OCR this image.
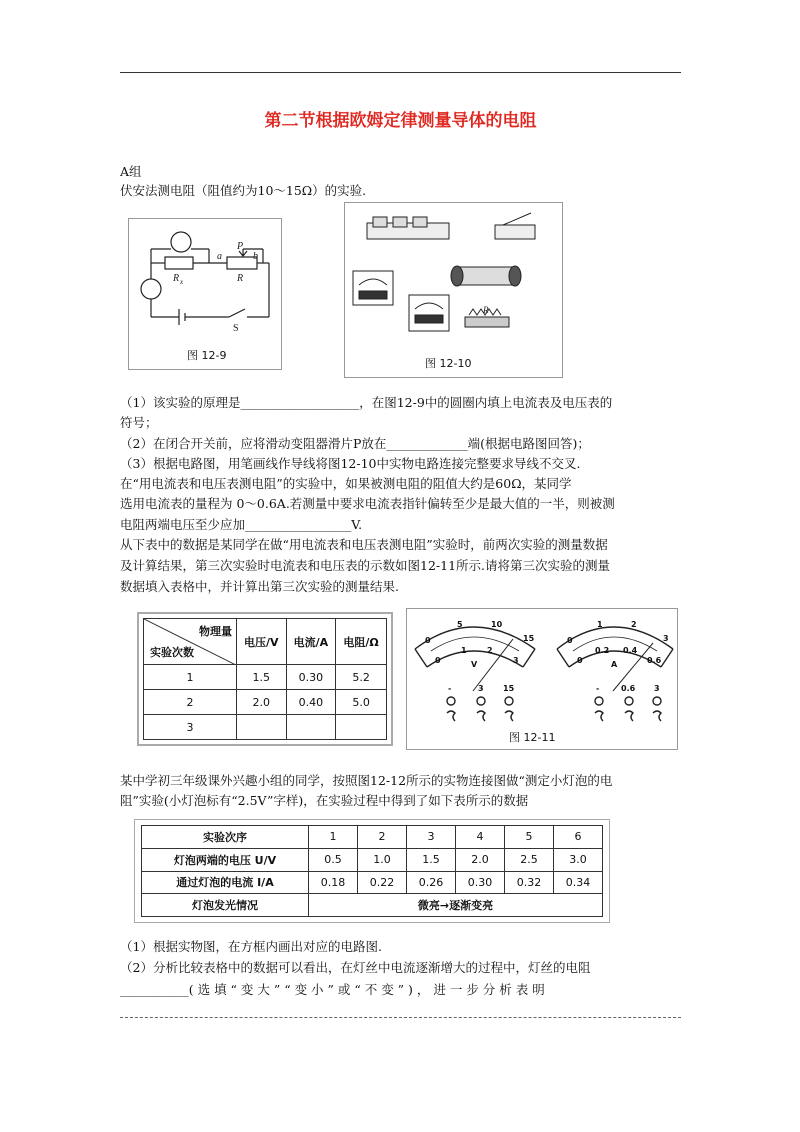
第二节根据欧姆定律测量导体的电阻
A组
伏安法测电阻（阻值约为10～15Ω）的实验.
R x
a
P
b
R
S
图 12-9
R
图 12-10
（1）该实验的原理是___________________，在图12-9中的圆圈内填上电流表及电压表的
符号；
（2）在闭合开关前，应将滑动变阻器滑片P放在_____________端(根据电路图回答)；
（3）根据电路图，用笔画线作导线将图12-10中实物电路连接完整要求导线不交叉.
在“用电流表和电压表测电阻”的实验中，如果被测电阻的阻值大约是60Ω，某同学
选用电流表的量程为 0～0.6A.若测量中要求电流表指针偏转至少是最大值的一半，则被测
电阻两端电压至少应加_________________V.
从下表中的数据是某同学在做“用电流表和电压表测电阻”实验时，前两次实验的测量数据
及计算结果，第三次实验时电流表和电压表的示数如图12-11所示.请将第三次实验的测量
数据填入表格中，并计算出第三次实验的测量结果.
物理量
实验次数	电压/V	电流/A	电阻/Ω
1	1.5	0.30	5.2
2	2.0	0.40	5.0
3			
0
5	10
15
0
1	2
3
V
-	3 15
0
1	2
3
0
0.2 0.4
0.6
A
-	0.6 3
图 12-11
某中学初三年级课外兴趣小组的同学，按照图12-12所示的实物连接图做“测定小灯泡的电
阻”实验(小灯泡标有“2.5V”字样)，在实验过程中得到了如下表所示的数据
实验次序	1	2	3	4	5	6
灯泡两端的电压 U/V	0.5	1.0	1.5	2.0	2.5	3.0
通过灯泡的电流 I/A	0.18	0.22	0.26	0.30	0.32	0.34
灯泡发光情况	微亮→逐渐变亮					
（1）根据实物图，在方框内画出对应的电路图.
（2）分析比较表格中的数据可以看出，在灯丝中电流逐渐增大的过程中，灯丝的电阻
___________( 选 填 “ 变 大 ” “ 变 小 ” 或 “ 不 变 ” ) ， 进 一 步 分 析 表 明
